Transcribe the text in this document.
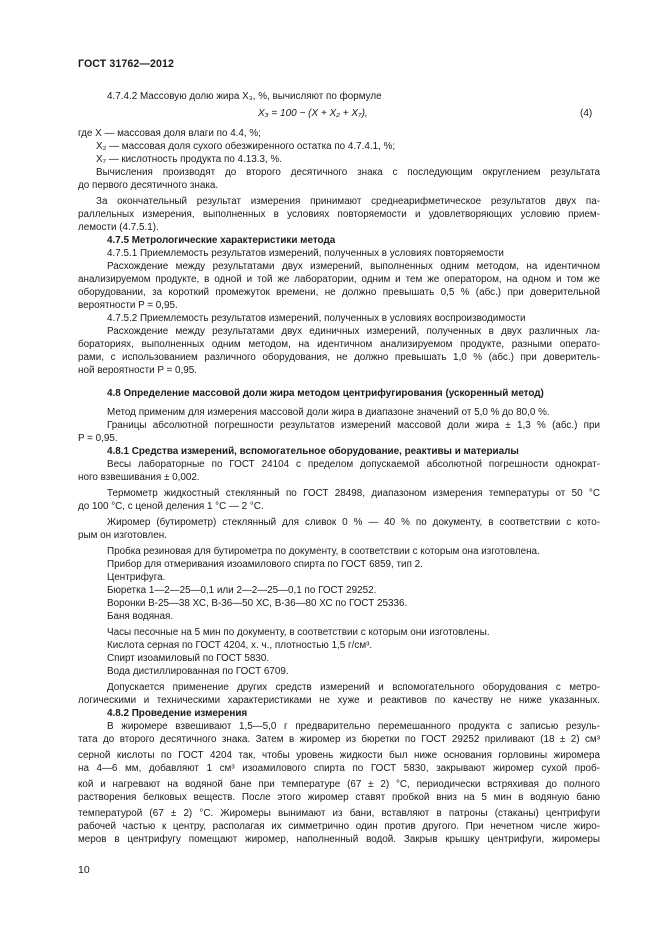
ГОСТ 31762—2012
4.7.4.2 Массовую долю жира X₃, %, вычисляют по формуле
X₃ = 100 − (X + X₂ + X₇),	(4)
где X — массовая доля влаги по 4.4, %;
X₂ — массовая доля сухого обезжиренного остатка по 4.7.4.1, %;
X₇ — кислотность продукта по 4.13.3, %.
Вычисления производят до второго десятичного знака с последующим округлением результата
до первого десятичного знака.
За окончательный результат измерения принимают среднеарифметическое результатов двух па-
раллельных измерения, выполненных в условиях повторяемости и удовлетворяющих условию прием-
лемости (4.7.5.1).
4.7.5 Метрологические характеристики метода
4.7.5.1 Приемлемость результатов измерений, полученных в условиях повторяемости
Расхождение между результатами двух измерений, выполненных одним методом, на идентичном
анализируемом продукте, в одной и той же лаборатории, одним и тем же оператором, на одном и том же
оборудовании, за короткий промежуток времени, не должно превышать 0,5 % (абс.) при доверительной
вероятности P = 0,95.
4.7.5.2 Приемлемость результатов измерений, полученных в условиях воспроизводимости
Расхождение между результатами двух единичных измерений, полученных в двух различных ла-
бораториях, выполненных одним методом, на идентичном анализируемом продукте, разными операто-
рами, с использованием различного оборудования, не должно превышать 1,0 % (абс.) при доверитель-
ной вероятности P = 0,95.
4.8 Определение массовой доли жира методом центрифугирования (ускоренный метод)
Метод применим для измерения массовой доли жира в диапазоне значений от 5,0 % до 80,0 %.
Границы абсолютной погрешности результатов измерений массовой доли жира ± 1,3 % (абс.) при
P = 0,95.
4.8.1 Средства измерений, вспомогательное оборудование, реактивы и материалы
Весы лабораторные по ГОСТ 24104 с пределом допускаемой абсолютной погрешности однократ-
ного взвешивания ± 0,002.
Термометр жидкостный стеклянный по ГОСТ 28498, диапазоном измерения температуры от 50 °С
до 100 °С, с ценой деления 1 °С — 2 °С.
Жиромер (бутирометр) стеклянный для сливок 0 % — 40 % по документу, в соответствии с кото-
рым он изготовлен.
Пробка резиновая для бутирометра по документу, в соответствии с которым она изготовлена.
Прибор для отмеривания изоамилового спирта по ГОСТ 6859, тип 2.
Центрифуга.
Бюретка 1—2—25—0,1 или 2—2—25—0,1 по ГОСТ 29252.
Воронки В-25—38 ХС, В-36—50 ХС, В-36—80 ХС по ГОСТ 25336.
Баня водяная.
Часы песочные на 5 мин по документу, в соответствии с которым они изготовлены.
Кислота серная по ГОСТ 4204, х. ч., плотностью 1,5 г/см³.
Спирт изоамиловый по ГОСТ 5830.
Вода дистиллированная по ГОСТ 6709.
Допускается применение других средств измерений и вспомогательного оборудования с метро-
логическими и техническими характеристиками не хуже и реактивов по качеству не ниже указанных.
4.8.2 Проведение измерения
В жиромере взвешивают 1,5—5,0 г предварительно перемешанного продукта с записью резуль-
тата до второго десятичного знака. Затем в жиромер из бюретки по ГОСТ 29252 приливают (18 ± 2) см³
серной кислоты по ГОСТ 4204 так, чтобы уровень жидкости был ниже основания горловины жиромера
на 4—6 мм, добавляют 1 см³ изоамилового спирта по ГОСТ 5830, закрывают жиромер сухой проб-
кой и нагревают на водяной бане при температуре (67 ± 2) °С, периодически встряхивая до полного
растворения белковых веществ. После этого жиромер ставят пробкой вниз на 5 мин в водяную баню
температурой (67 ± 2) °С. Жиромеры вынимают из бани, вставляют в патроны (стаканы) центрифуги
рабочей частью к центру, располагая их симметрично один против другого. При нечетном числе жиро-
меров в центрифугу помещают жиромер, наполненный водой. Закрыв крышку центрифуги, жиромеры
10
